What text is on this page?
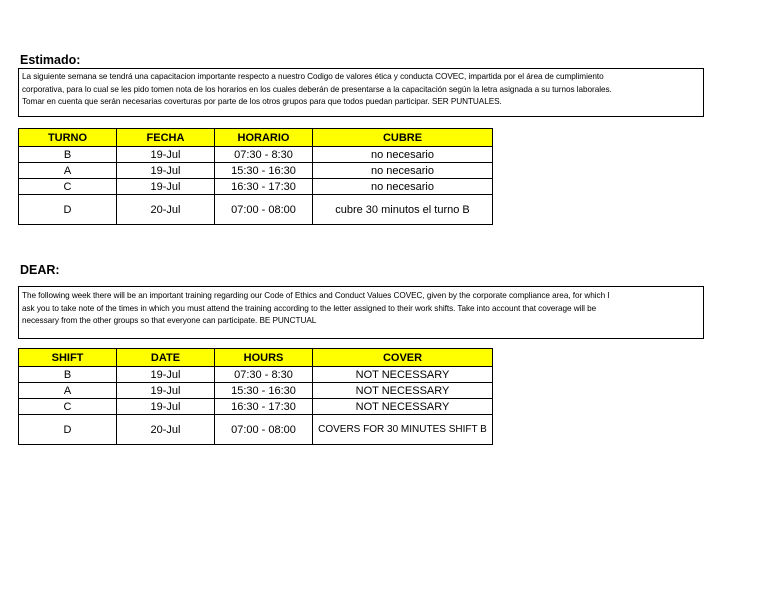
Estimado:
La siguiente semana se tendrá una capacitacion importante respecto a nuestro Codigo de valores ética y conducta COVEC, impartida por el área de cumplimiento
corporativa, para lo cual se les pido tomen nota de los horarios en los cuales deberán de presentarse a la capacitación según la letra asignada a su turnos laborales.
Tomar en cuenta que serán necesarias coverturas por parte de los otros grupos para que todos puedan participar. SER PUNTUALES.
TURNO	FECHA	HORARIO	CUBRE
B	19-Jul	07:30 - 8:30	no necesario
A	19-Jul	15:30 - 16:30	no necesario
C	19-Jul	16:30 - 17:30	no necesario
D	20-Jul	07:00 - 08:00	cubre 30 minutos el turno B
DEAR:
The following week there will be an important training regarding our Code of Ethics and Conduct Values COVEC, given by the corporate compliance area, for which I
ask you to take note of the times in which you must attend the training according to the letter assigned to their work shifts. Take into account that coverage will be
necessary from the other groups so that everyone can participate. BE PUNCTUAL
SHIFT	DATE	HOURS	COVER
B	19-Jul	07:30 - 8:30	NOT NECESSARY
A	19-Jul	15:30 - 16:30	NOT NECESSARY
C	19-Jul	16:30 - 17:30	NOT NECESSARY
D	20-Jul	07:00 - 08:00	COVERS FOR 30 MINUTES SHIFT B
